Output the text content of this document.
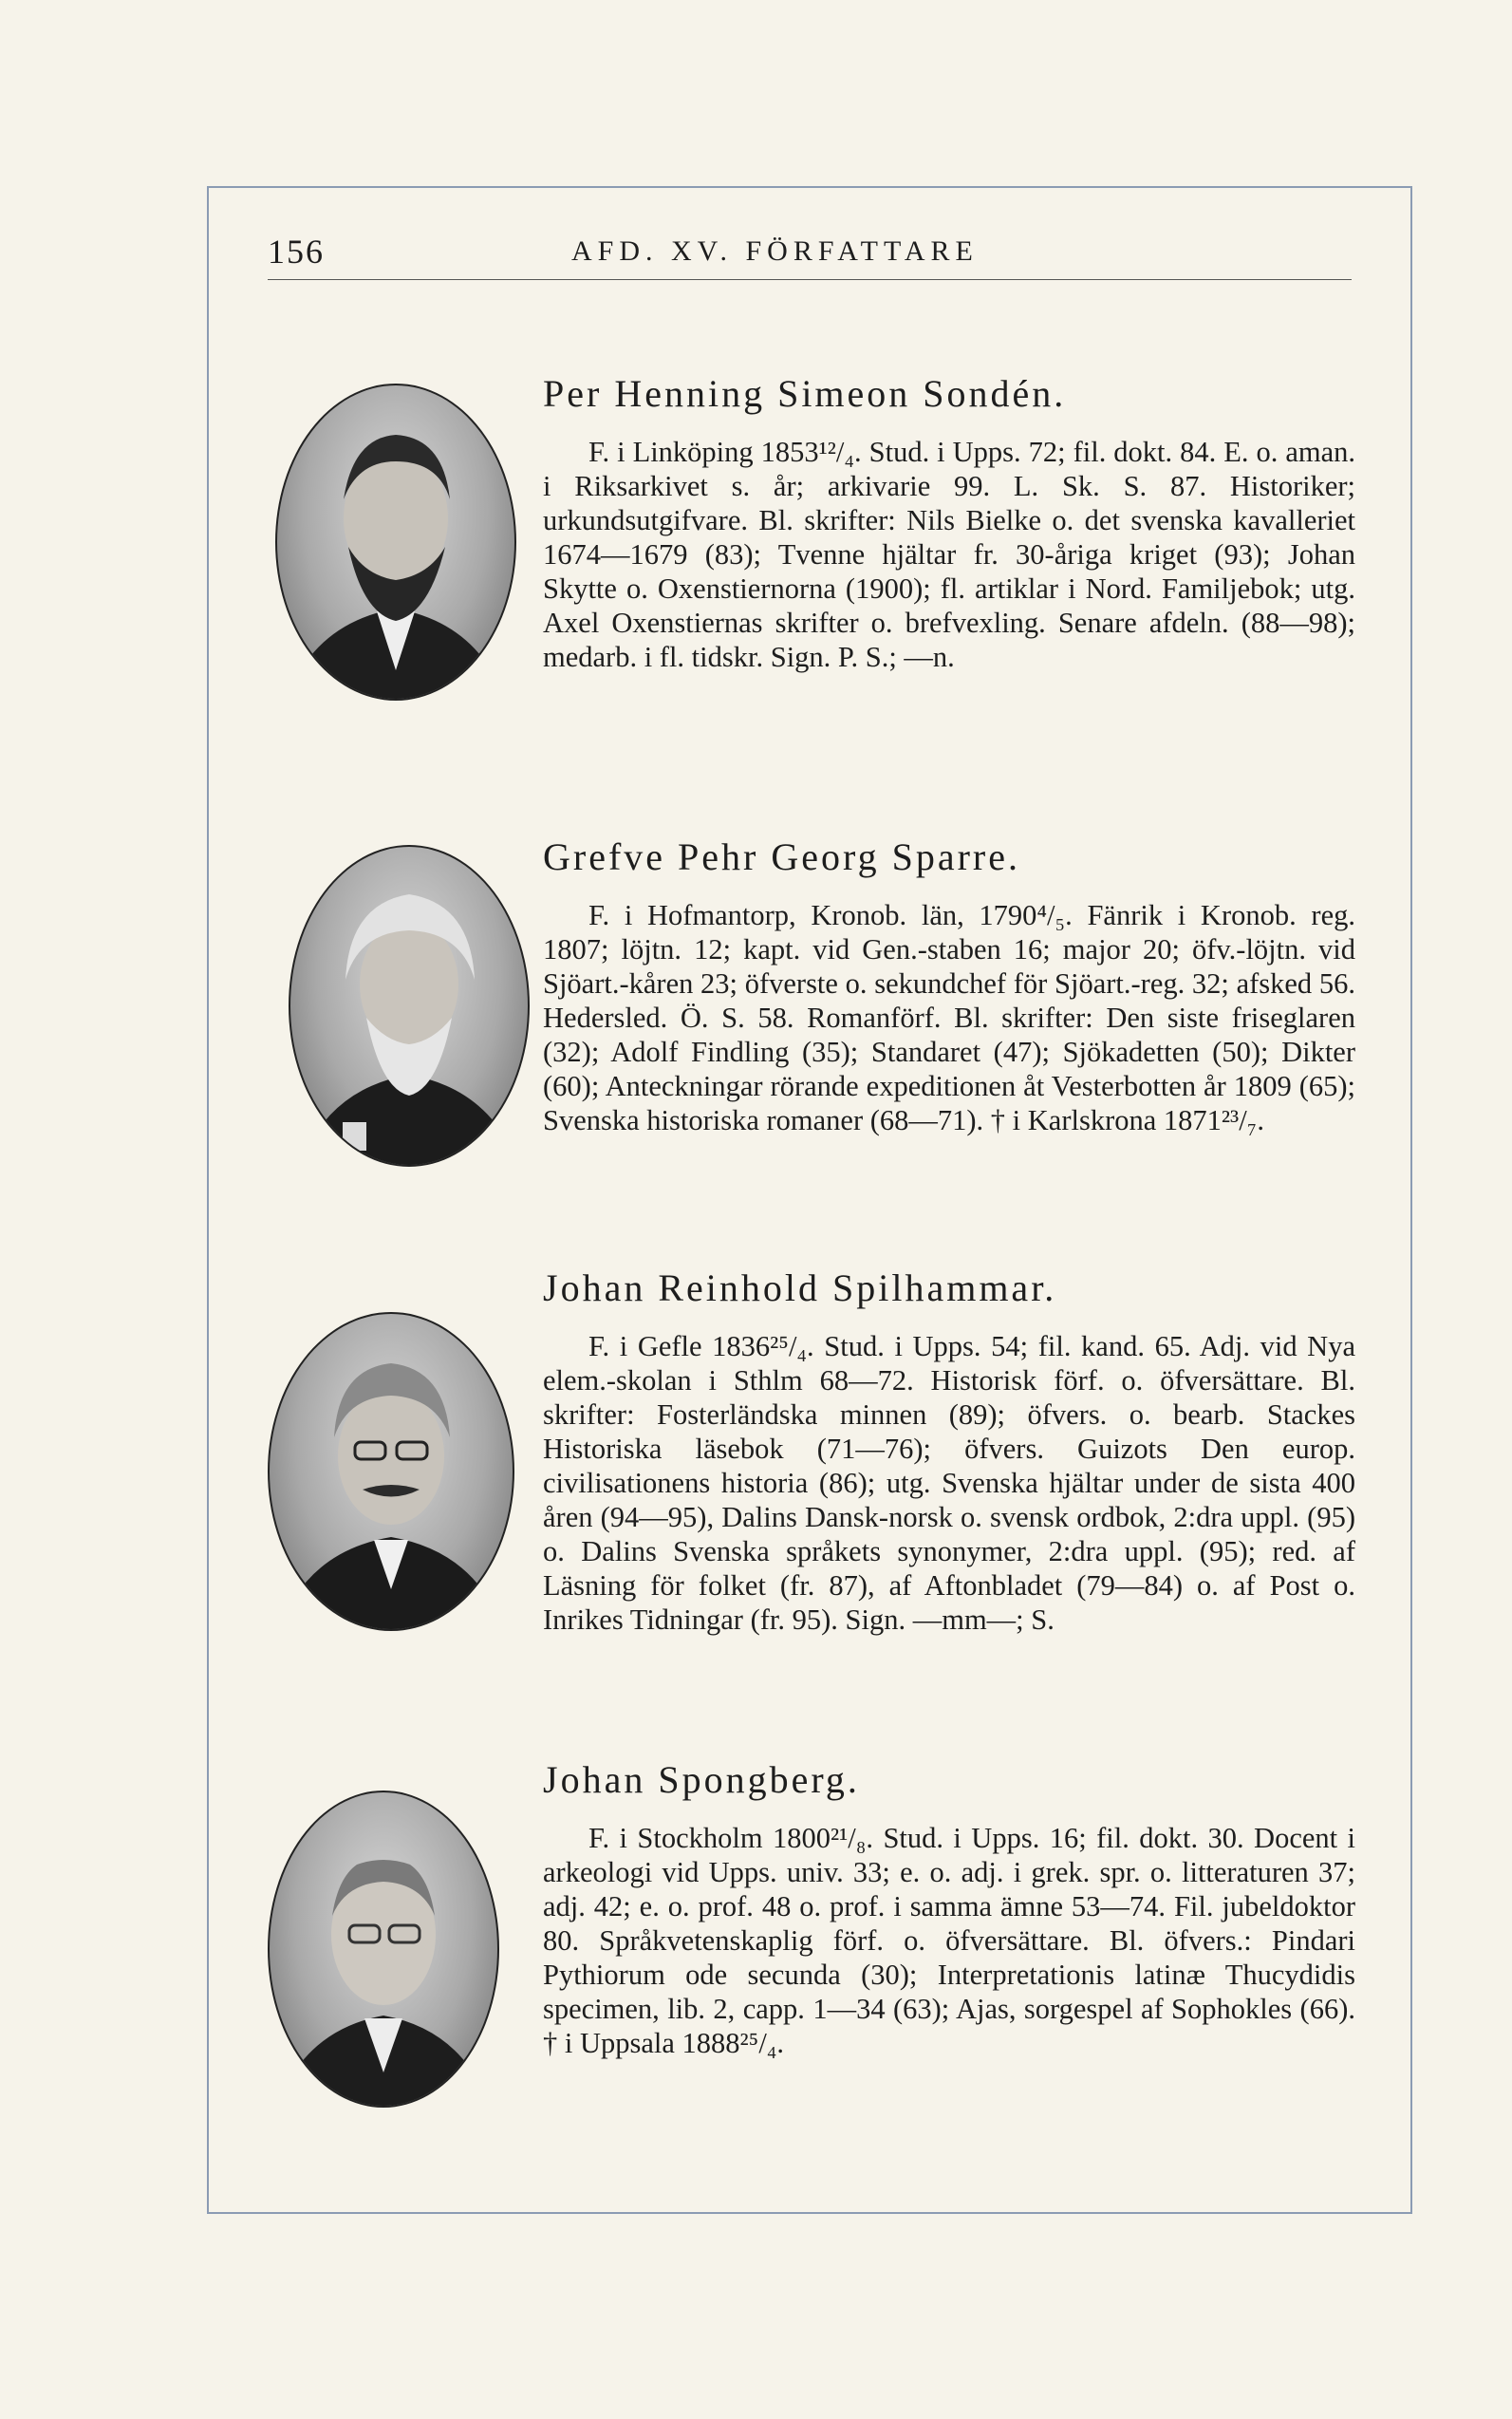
156	AFD. XV. FÖRFATTARE
Per Henning Simeon Sondén.

F. i Linköping 1853¹²/₄. Stud. i Upps. 72; fil. dokt. 84. E. o. aman. i Riksarkivet s. år; arkivarie 99. L. Sk. S. 87. Historiker; urkundsutgifvare. Bl. skrifter: Nils Bielke o. det svenska kavalleriet 1674—1679 (83); Tvenne hjältar fr. 30-åriga kriget (93); Johan Skytte o. Oxenstiernorna (1900); fl. artiklar i Nord. Familjebok; utg. Axel Oxenstiernas skrifter o. brefvexling. Senare afdeln. (88—98); medarb. i fl. tidskr. Sign. P. S.; —n.

Grefve Pehr Georg Sparre.

F. i Hofmantorp, Kronob. län, 1790⁴/₅. Fänrik i Kronob. reg. 1807; löjtn. 12; kapt. vid Gen.-staben 16; major 20; öfv.-löjtn. vid Sjöart.-kåren 23; öfverste o. sekundchef för Sjöart.-reg. 32; afsked 56. Hedersled. Ö. S. 58. Romanförf. Bl. skrifter: Den siste friseglaren (32); Adolf Findling (35); Standaret (47); Sjökadetten (50); Dikter (60); Anteckningar rörande expeditionen åt Vesterbotten år 1809 (65); Svenska historiska romaner (68—71). † i Karlskrona 1871²³/₇.

Johan Reinhold Spilhammar.

F. i Gefle 1836²⁵/₄. Stud. i Upps. 54; fil. kand. 65. Adj. vid Nya elem.-skolan i Sthlm 68—72. Historisk förf. o. öfversättare. Bl. skrifter: Fosterländska minnen (89); öfvers. o. bearb. Stackes Historiska läsebok (71—76); öfvers. Guizots Den europ. civilisationens historia (86); utg. Svenska hjältar under de sista 400 åren (94—95), Dalins Dansk-norsk o. svensk ordbok, 2:dra uppl. (95) o. Dalins Svenska språkets synonymer, 2:dra uppl. (95); red. af Läsning för folket (fr. 87), af Aftonbladet (79—84) o. af Post o. Inrikes Tidningar (fr. 95). Sign. —mm—; S.

Johan Spongberg.

F. i Stockholm 1800²¹/₈. Stud. i Upps. 16; fil. dokt. 30. Docent i arkeologi vid Upps. univ. 33; e. o. adj. i grek. spr. o. litteraturen 37; adj. 42; e. o. prof. 48 o. prof. i samma ämne 53—74. Fil. jubeldoktor 80. Språkvetenskaplig förf. o. öfversättare. Bl. öfvers.: Pindari Pythiorum ode secunda (30); Interpretationis latinæ Thucydidis specimen, lib. 2, capp. 1—34 (63); Ajas, sorgespel af Sophokles (66). † i Uppsala 1888²⁵/₄.
